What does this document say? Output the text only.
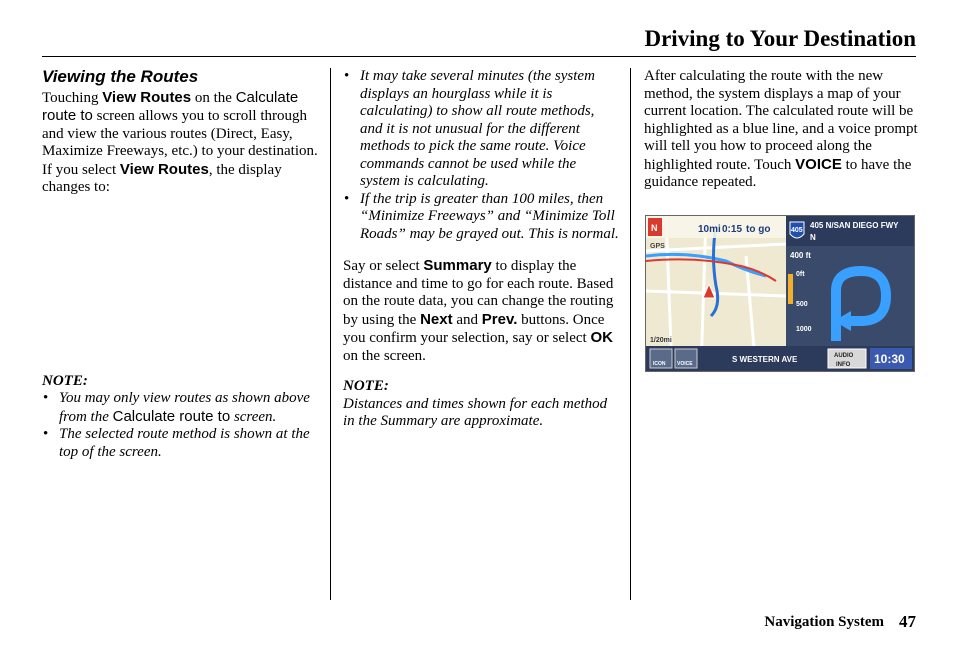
Driving to Your Destination
Viewing the Routes

Touching View Routes on the Calculate route to screen allows you to scroll through and view the various routes (Direct, Easy, Maximize Freeways, etc.) to your destination. If you select View Routes, the display changes to:

NOTE:

• You may only view routes as shown above from the Calculate route to screen.
• The selected route method is shown at the top of the screen.
• It may take several minutes (the system displays an hourglass while it is calculating) to show all route methods, and it is not unusual for the different methods to pick the same route. Voice commands cannot be used while the system is calculating.
• If the trip is greater than 100 miles, then “Minimize Freeways” and “Minimize Toll Roads” may be grayed out. This is normal.

Say or select Summary to display the distance and time to go for each route. Based on the route data, you can change the routing by using the Next and Prev. buttons. Once you confirm your selection, say or select OK on the screen.

NOTE:

Distances and times shown for each method in the Summary are approximate.

After calculating the route with the new method, the system displays a map of your current location. The calculated route will be highlighted as a blue line, and a voice prompt will tell you how to proceed along the highlighted route. Touch VOICE to have the guidance repeated.

N
GPS
10mi 0:15 to go	405
405 N/SAN DIEGO FWY
N
400 ft
0ft
500
1000
1/20mi
ICON VOICE	S WESTERN AVE	AUDIO
INFO 10:30
Navigation System 47
